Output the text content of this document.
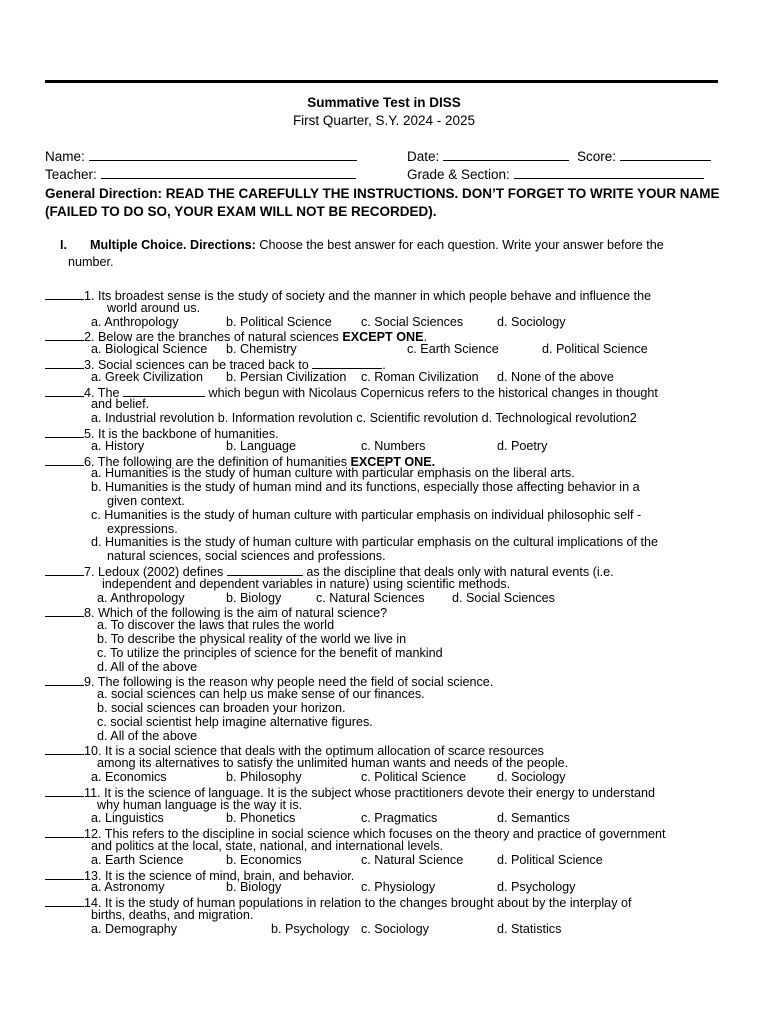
Summative Test in DISS
First Quarter, S.Y. 2024 - 2025
Name:	Date:	Score:
Teacher:	Grade & Section:
General Direction: READ THE CAREFULLY THE INSTRUCTIONS. DON’T FORGET TO WRITE YOUR NAME (FAILED TO DO SO, YOUR EXAM WILL NOT BE RECORDED).
I. Multiple Choice. Directions: Choose the best answer for each question. Write your answer before the
number.
1. Its broadest sense is the study of society and the manner in which people behave and influence the
world around us.
a. Anthropology	b. Political Science c. Social Sciences	d. Sociology
2. Below are the branches of natural sciences EXCEPT ONE.
a. Biological Science b. Chemistry	c. Earth Science	d. Political Science
3. Social sciences can be traced back to	.
a. Greek Civilization b. Persian Civilization c. Roman Civilization d. None of the above
4. The	which begun with Nicolaus Copernicus refers to the historical changes in thought
and belief.
a. Industrial revolution b. Information revolution c. Scientific revolution d. Technological revolution2
5. It is the backbone of humanities.
a. History	b. Language	c. Numbers	d. Poetry
6. The following are the definition of humanities EXCEPT ONE.
a. Humanities is the study of human culture with particular emphasis on the liberal arts.
b. Humanities is the study of human mind and its functions, especially those affecting behavior in a
given context.
c. Humanities is the study of human culture with particular emphasis on individual philosophic self -
expressions.
d. Humanities is the study of human culture with particular emphasis on the cultural implications of the
natural sciences, social sciences and professions.
7. Ledoux (2002) defines	as the discipline that deals only with natural events (i.e.
independent and dependent variables in nature) using scientific methods.
a. Anthropology	b. Biology	c. Natural Sciences d. Social Sciences
8. Which of the following is the aim of natural science?
a. To discover the laws that rules the world
b. To describe the physical reality of the world we live in
c. To utilize the principles of science for the benefit of mankind
d. All of the above
9. The following is the reason why people need the field of social science.
a. social sciences can help us make sense of our finances.
b. social sciences can broaden your horizon.
c. social scientist help imagine alternative figures.
d. All of the above
10. It is a social science that deals with the optimum allocation of scarce resources
among its alternatives to satisfy the unlimited human wants and needs of the people.
a. Economics	b. Philosophy	c. Political Science d. Sociology
11. It is the science of language. It is the subject whose practitioners devote their energy to understand
why human language is the way it is.
a. Linguistics	b. Phonetics	c. Pragmatics	d. Semantics
12. This refers to the discipline in social science which focuses on the theory and practice of government
and politics at the local, state, national, and international levels.
a. Earth Science	b. Economics	c. Natural Science	d. Political Science
13. It is the science of mind, brain, and behavior.
a. Astronomy	b. Biology	c. Physiology	d. Psychology
14. It is the study of human populations in relation to the changes brought about by the interplay of
births, deaths, and migration.
a. Demography	b. Psychology c. Sociology	d. Statistics
